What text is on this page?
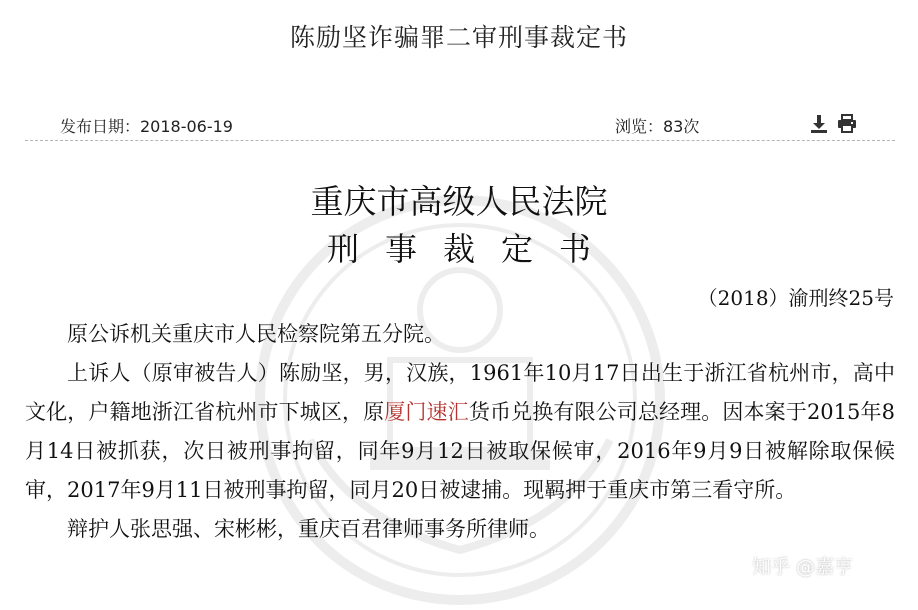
陈励坚诈骗罪二审刑事裁定书
发布日期：2018-06-19	浏览：83次
重庆市高级人民法院
刑事裁定书
（2018）渝刑终25号

原公诉机关重庆市人民检察院第五分院。

上诉人（原审被告人）陈励坚，男，汉族，1961年10月17日出生于浙江省杭州市，高中文化，户籍地浙江省杭州市下城区，原厦门速汇货币兑换有限公司总经理。因本案于2015年8月14日被抓获，次日被刑事拘留，同年9月12日被取保候审，2016年9月9日被解除取保候审，2017年9月11日被刑事拘留，同月20日被逮捕。现羁押于重庆市第三看守所。

辩护人张思强、宋彬彬，重庆百君律师事务所律师。

知乎 @嘉亨
